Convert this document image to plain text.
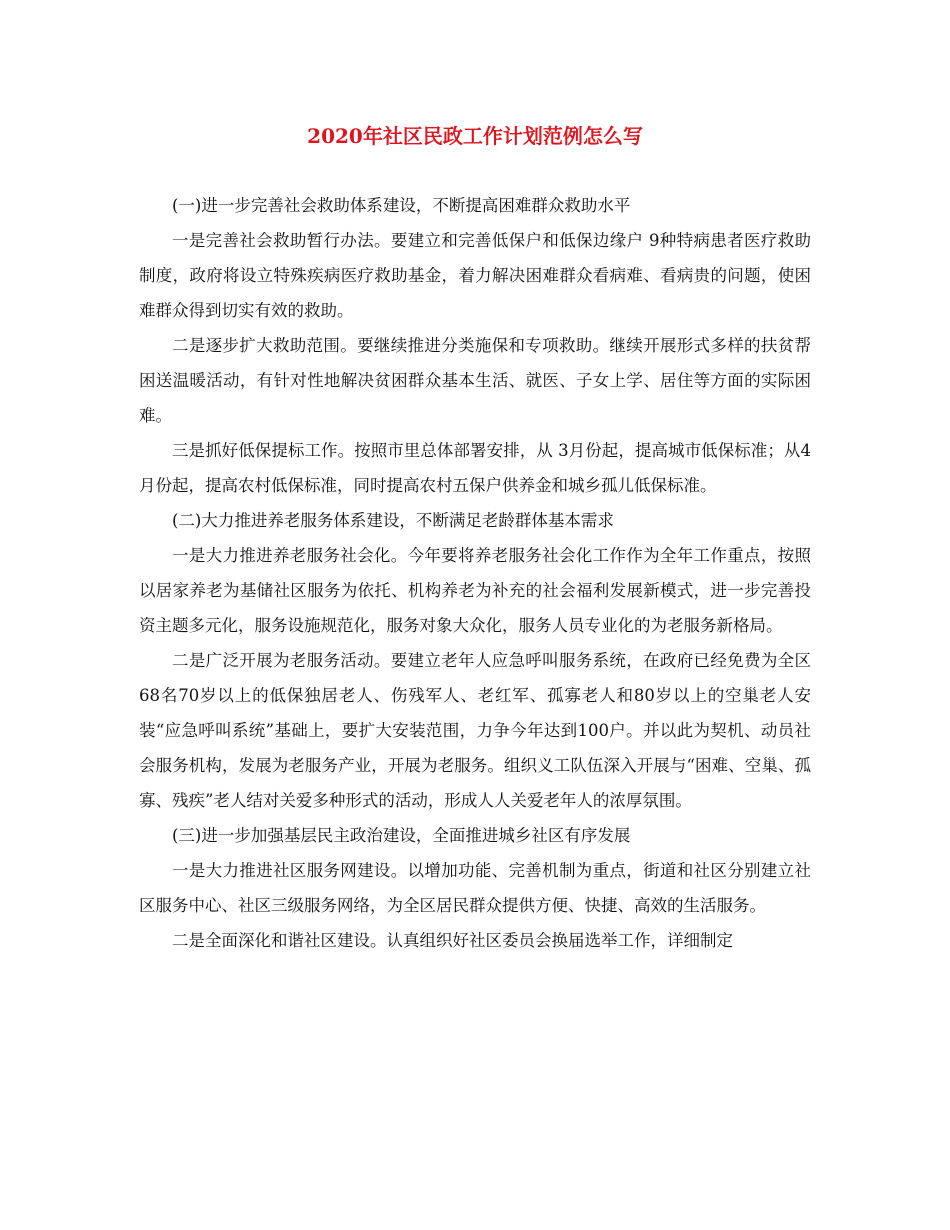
2020年社区民政工作计划范例怎么写

(一)进一步完善社会救助体系建设，不断提高困难群众救助水平

一是完善社会救助暂行办法。要建立和完善低保户和低保边缘户 9种特病患者医疗救助制度，政府将设立特殊疾病医疗救助基金，着力解决困难群众看病难、看病贵的问题，使困难群众得到切实有效的救助。

二是逐步扩大救助范围。要继续推进分类施保和专项救助。继续开展形式多样的扶贫帮困送温暖活动，有针对性地解决贫困群众基本生活、就医、子女上学、居住等方面的实际困难。

三是抓好低保提标工作。按照市里总体部署安排，从 3月份起，提高城市低保标准；从4月份起，提高农村低保标准，同时提高农村五保户供养金和城乡孤儿低保标准。

(二)大力推进养老服务体系建设，不断满足老龄群体基本需求

一是大力推进养老服务社会化。今年要将养老服务社会化工作作为全年工作重点，按照以居家养老为基储社区服务为依托、机构养老为补充的社会福利发展新模式，进一步完善投资主题多元化，服务设施规范化，服务对象大众化，服务人员专业化的为老服务新格局。

二是广泛开展为老服务活动。要建立老年人应急呼叫服务系统，在政府已经免费为全区68名70岁以上的低保独居老人、伤残军人、老红军、孤寡老人和80岁以上的空巢老人安装“应急呼叫系统”基础上，要扩大安装范围，力争今年达到100户。并以此为契机、动员社会服务机构，发展为老服务产业，开展为老服务。组织义工队伍深入开展与“困难、空巢、孤寡、残疾”老人结对关爱多种形式的活动，形成人人关爱老年人的浓厚氛围。

(三)进一步加强基层民主政治建设，全面推进城乡社区有序发展

一是大力推进社区服务网建设。以增加功能、完善机制为重点，街道和社区分别建立社区服务中心、社区三级服务网络，为全区居民群众提供方便、快捷、高效的生活服务。

二是全面深化和谐社区建设。认真组织好社区委员会换届选举工作，详细制定
